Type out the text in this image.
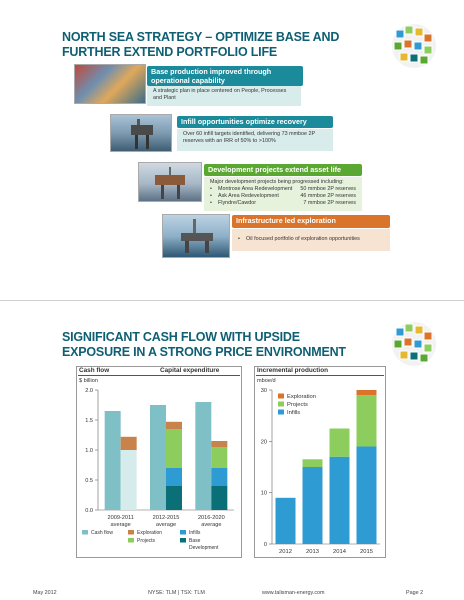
NORTH SEA STRATEGY – OPTIMIZE BASE AND FURTHER EXTEND PORTFOLIO LIFE
Base production improved through operational capability
A strategic plan in place centered on People, Processes and Plant
Infill opportunities optimize recovery
Over 60 infill targets identified, delivering 73 mmboe 2P reserves with an IRR of 50% to >100%
Development projects extend asset life
Major development projects being progressed including:
•	Montrose Area Redevelopment	50 mmboe 2P reserves
•	Ask Area Redevelopment	46 mmboe 2P reserves
•	Flyndre/Cawdor	7 mmboe 2P reserves
Infrastructure led exploration
•	Oil focused portfolio of exploration opportunities
SIGNIFICANT CASH FLOW WITH UPSIDE EXPOSURE IN A STRONG PRICE ENVIRONMENT
Cash flow	Capital expenditure
$ billion
0.0
0.5
1.0
1.5
2.0
2009-2011
average
2012-2015
average
2016-2020
average
Cash flow	Exploration	Infills
Projects	Base
Development
Incremental production
mboe/d
0
10
20
30
2012 2013 2014 2015
Exploration
Projects
Infills
May 2012	NYSE: TLM | TSX: TLM	www.talisman-energy.com	Page 2
